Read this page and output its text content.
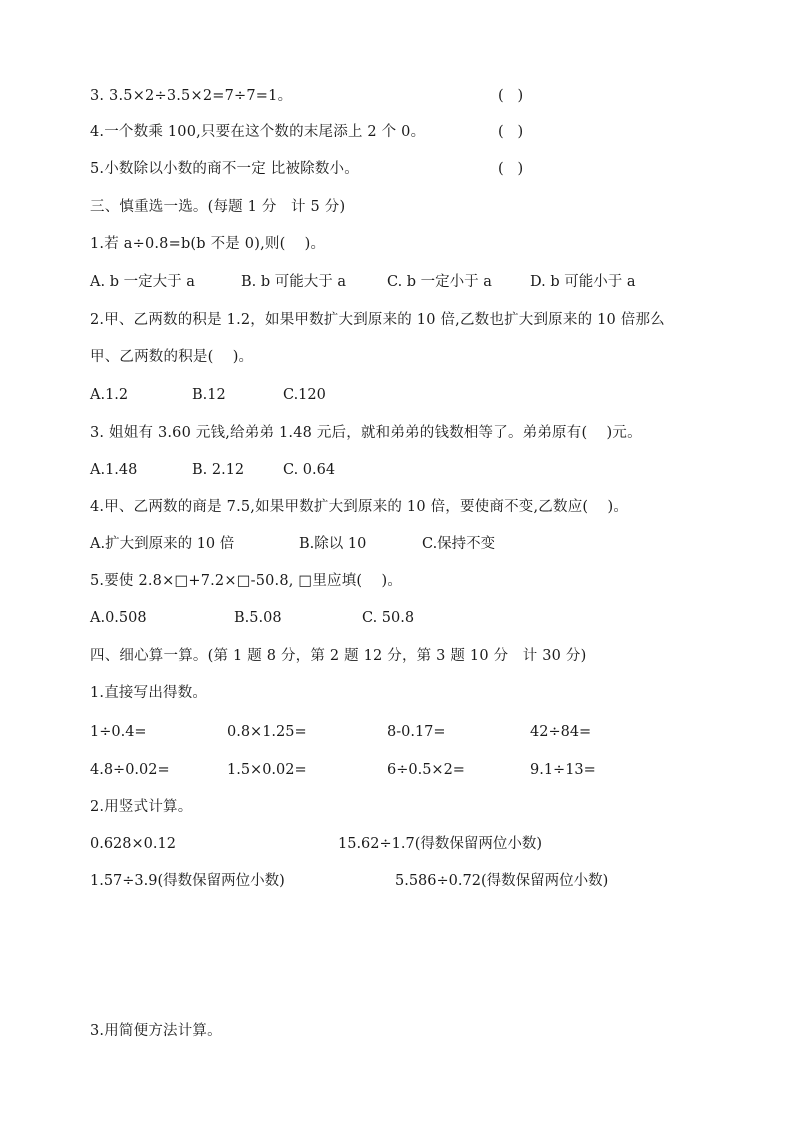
3. 3.5×2÷3.5×2=7÷7=1。	(   )
4.一个数乘 100,只要在这个数的末尾添上 2 个 0。	(   )
5.小数除以小数的商不一定 比被除数小。	(   )
三、慎重选一选。(每题 1 分   计 5 分)
1.若 a÷0.8=b(b 不是 0),则(    )。
A. b 一定大于 a	B. b 可能大于 a	C. b 一定小于 a	D. b 可能小于 a
2.甲、乙两数的积是 1.2，如果甲数扩大到原来的 10 倍,乙数也扩大到原来的 10 倍那么
甲、乙两数的积是(    )。
A.1.2	B.12	C.120
3. 姐姐有 3.60 元钱,给弟弟 1.48 元后，就和弟弟的钱数相等了。弟弟原有(    )元。
A.1.48	B. 2.12	C. 0.64
4.甲、乙两数的商是 7.5,如果甲数扩大到原来的 10 倍，要使商不变,乙数应(    )。
A.扩大到原来的 10 倍	B.除以 10	C.保持不变
5.要使 2.8×□+7.2×□-50.8, □里应填(    )。
A.0.508	B.5.08	C. 50.8
四、细心算一算。(第 1 题 8 分，第 2 题 12 分，第 3 题 10 分   计 30 分)
1.直接写出得数。
1÷0.4=	0.8×1.25=	8-0.17=	42÷84=
4.8÷0.02=	1.5×0.02=	6÷0.5×2=	9.1÷13=
2.用竖式计算。
0.628×0.12	15.62÷1.7(得数保留两位小数)
1.57÷3.9(得数保留两位小数)	5.586÷0.72(得数保留两位小数)
3.用简便方法计算。
